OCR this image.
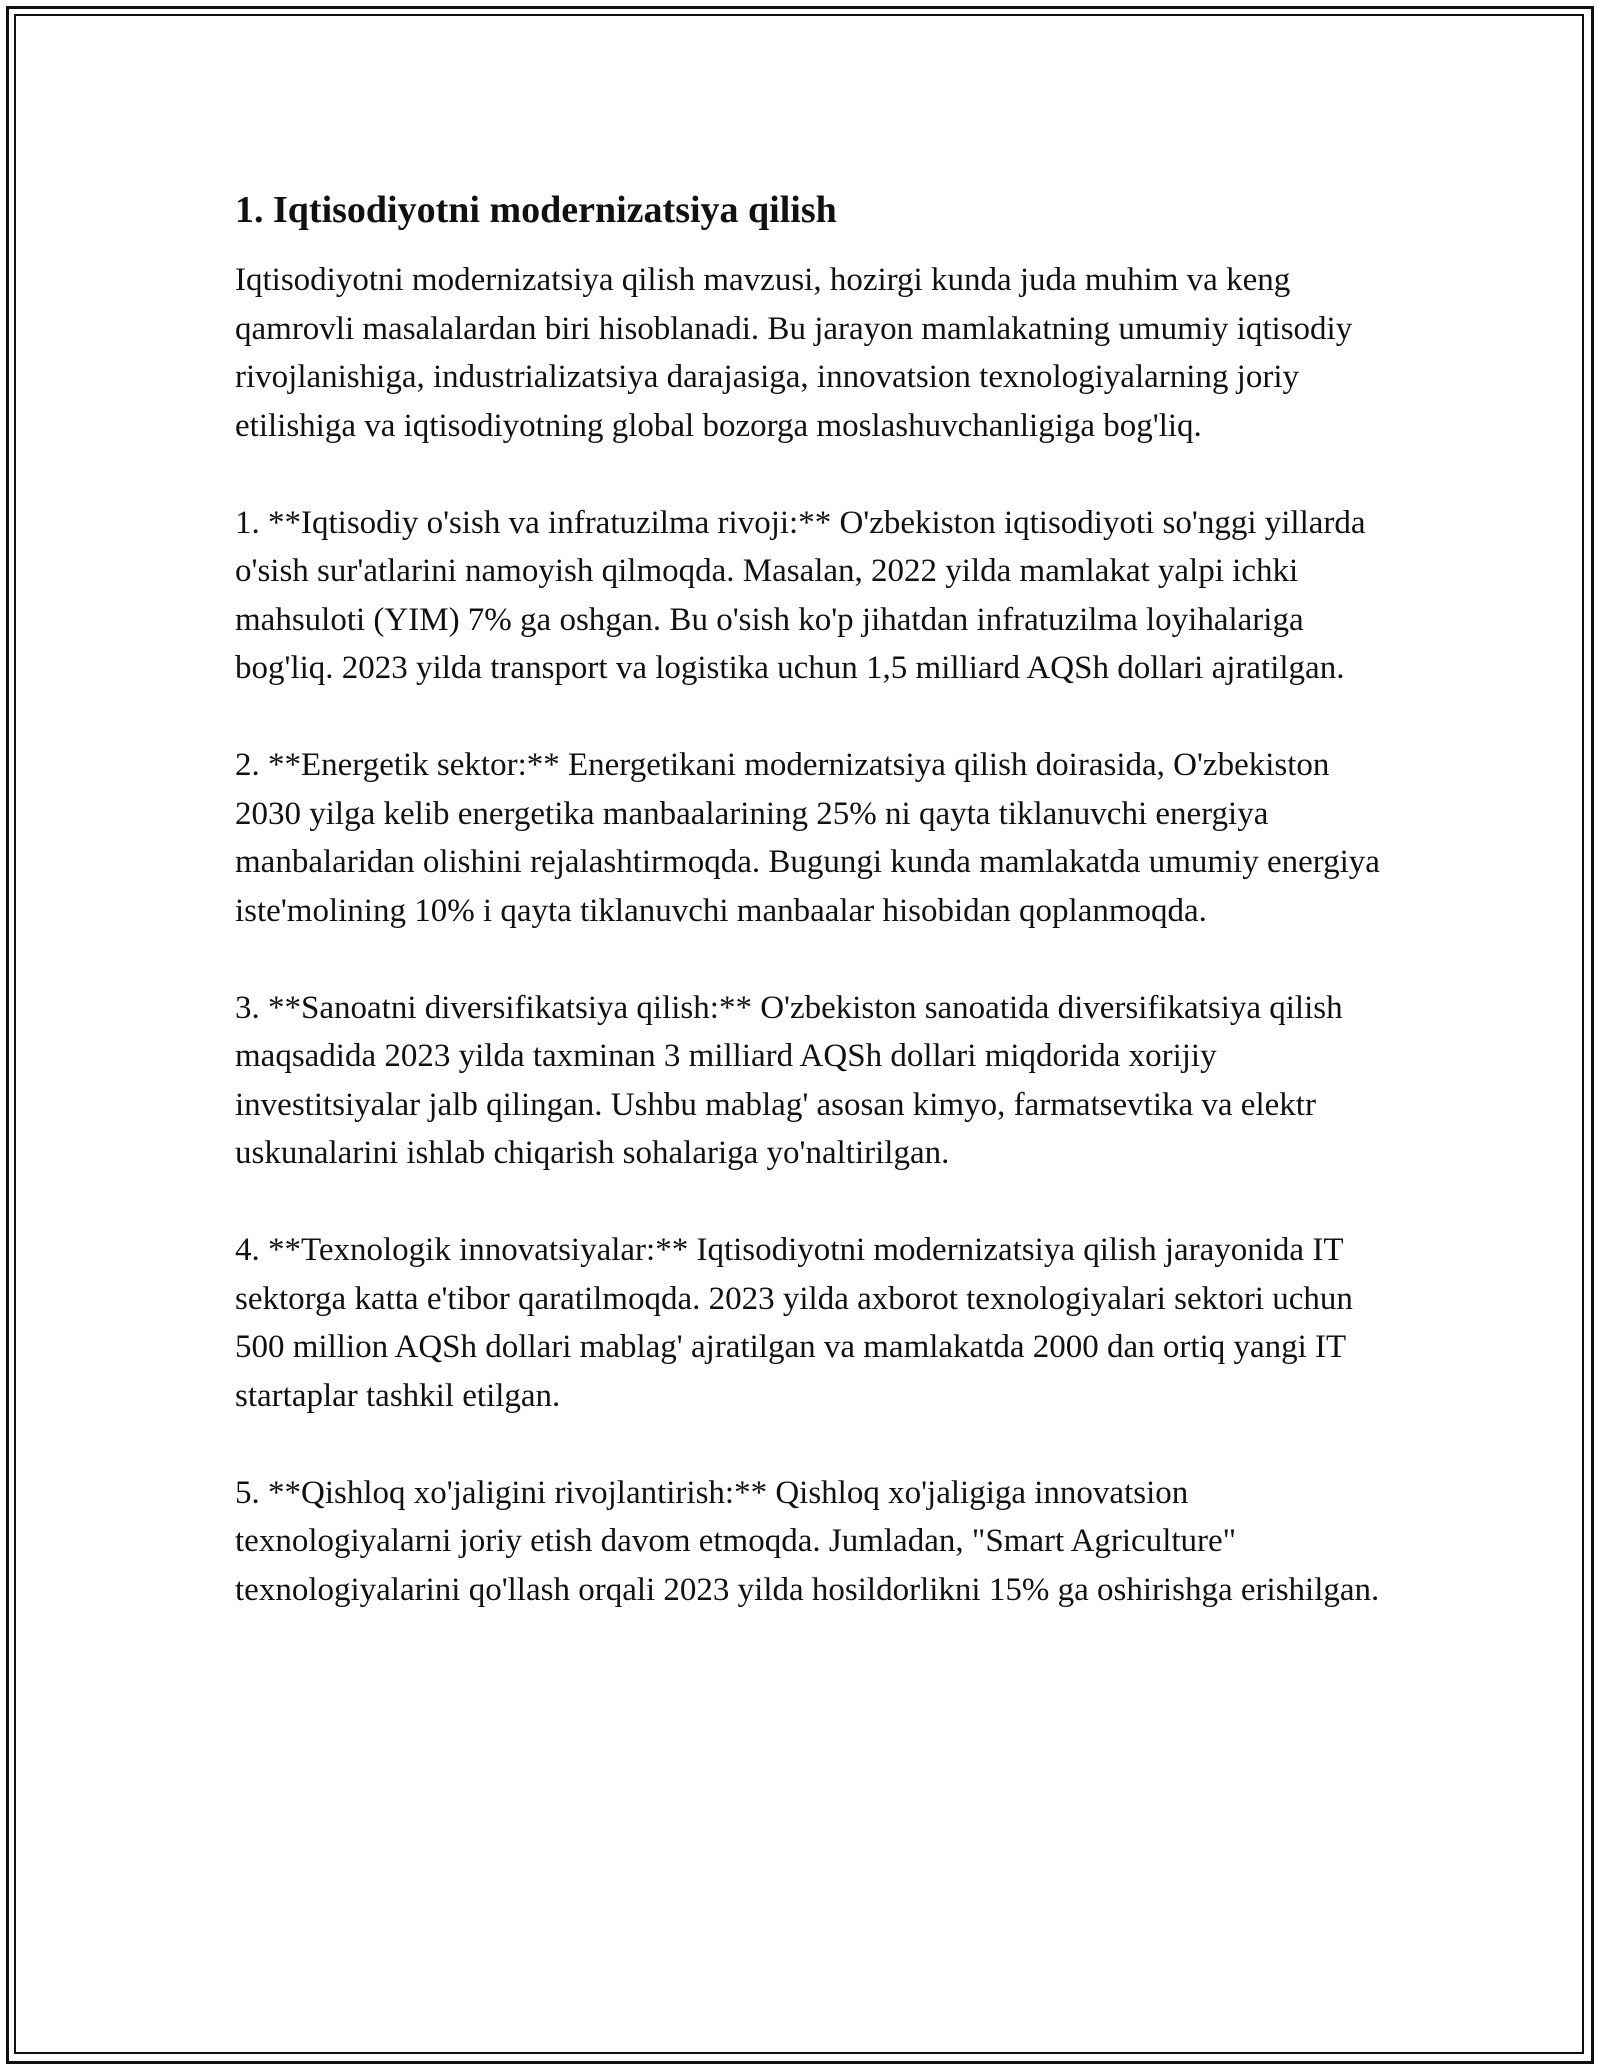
1. Iqtisodiyotni modernizatsiya qilish

Iqtisodiyotni modernizatsiya qilish mavzusi, hozirgi kunda juda muhim va keng qamrovli masalalardan biri hisoblanadi. Bu jarayon mamlakatning umumiy iqtisodiy rivojlanishiga, industrializatsiya darajasiga, innovatsion texnologiyalarning joriy etilishiga va iqtisodiyotning global bozorga moslashuvchanligiga bog'liq.

1. **Iqtisodiy o'sish va infratuzilma rivoji:** O'zbekiston iqtisodiyoti so'nggi yillarda o'sish sur'atlarini namoyish qilmoqda. Masalan, 2022 yilda mamlakat yalpi ichki mahsuloti (YIM) 7% ga oshgan. Bu o'sish ko'p jihatdan infratuzilma loyihalariga bog'liq. 2023 yilda transport va logistika uchun 1,5 milliard AQSh dollari ajratilgan.

2. **Energetik sektor:** Energetikani modernizatsiya qilish doirasida, O'zbekiston 2030 yilga kelib energetika manbaalarining 25% ni qayta tiklanuvchi energiya manbalaridan olishini rejalashtirmoqda. Bugungi kunda mamlakatda umumiy energiya iste'molining 10% i qayta tiklanuvchi manbaalar hisobidan qoplanmoqda.

3. **Sanoatni diversifikatsiya qilish:** O'zbekiston sanoatida diversifikatsiya qilish maqsadida 2023 yilda taxminan 3 milliard AQSh dollari miqdorida xorijiy investitsiyalar jalb qilingan. Ushbu mablag' asosan kimyo, farmatsevtika va elektr uskunalarini ishlab chiqarish sohalariga yo'naltirilgan.

4. **Texnologik innovatsiyalar:** Iqtisodiyotni modernizatsiya qilish jarayonida IT sektorga katta e'tibor qaratilmoqda. 2023 yilda axborot texnologiyalari sektori uchun 500 million AQSh dollari mablag' ajratilgan va mamlakatda 2000 dan ortiq yangi IT startaplar tashkil etilgan.

5. **Qishloq xo'jaligini rivojlantirish:** Qishloq xo'jaligiga innovatsion texnologiyalarni joriy etish davom etmoqda. Jumladan, "Smart Agriculture" texnologiyalarini qo'llash orqali 2023 yilda hosildorlikni 15% ga oshirishga erishilgan.
